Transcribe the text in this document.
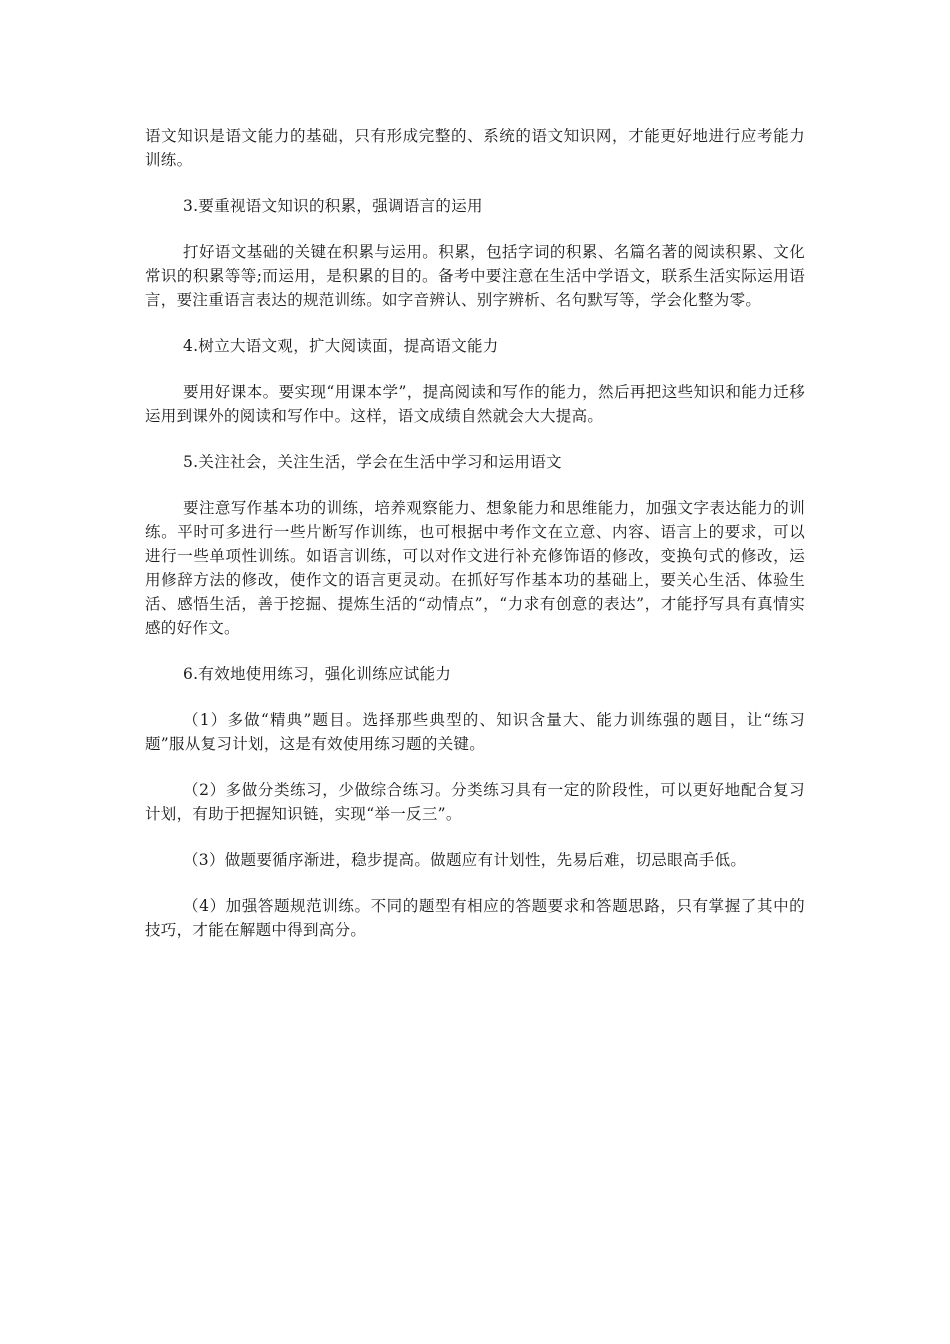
语文知识是语文能力的基础，只有形成完整的、系统的语文知识网，才能更好地进行应考能力训练。

3.要重视语文知识的积累，强调语言的运用

打好语文基础的关键在积累与运用。积累，包括字词的积累、名篇名著的阅读积累、文化常识的积累等等;而运用，是积累的目的。备考中要注意在生活中学语文，联系生活实际运用语言，要注重语言表达的规范训练。如字音辨认、别字辨析、名句默写等，学会化整为零。

4.树立大语文观，扩大阅读面，提高语文能力

要用好课本。要实现“用课本学”，提高阅读和写作的能力，然后再把这些知识和能力迁移运用到课外的阅读和写作中。这样，语文成绩自然就会大大提高。

5.关注社会，关注生活，学会在生活中学习和运用语文

要注意写作基本功的训练，培养观察能力、想象能力和思维能力，加强文字表达能力的训练。平时可多进行一些片断写作训练，也可根据中考作文在立意、内容、语言上的要求，可以进行一些单项性训练。如语言训练，可以对作文进行补充修饰语的修改，变换句式的修改，运用修辞方法的修改，使作文的语言更灵动。在抓好写作基本功的基础上，要关心生活、体验生活、感悟生活，善于挖掘、提炼生活的“动情点”，“力求有创意的表达”，才能抒写具有真情实感的好作文。

6.有效地使用练习，强化训练应试能力

（1）多做“精典”题目。选择那些典型的、知识含量大、能力训练强的题目，让“练习题”服从复习计划，这是有效使用练习题的关键。

（2）多做分类练习，少做综合练习。分类练习具有一定的阶段性，可以更好地配合复习计划，有助于把握知识链，实现“举一反三”。

（3）做题要循序渐进，稳步提高。做题应有计划性，先易后难，切忌眼高手低。

（4）加强答题规范训练。不同的题型有相应的答题要求和答题思路，只有掌握了其中的技巧，才能在解题中得到高分。
